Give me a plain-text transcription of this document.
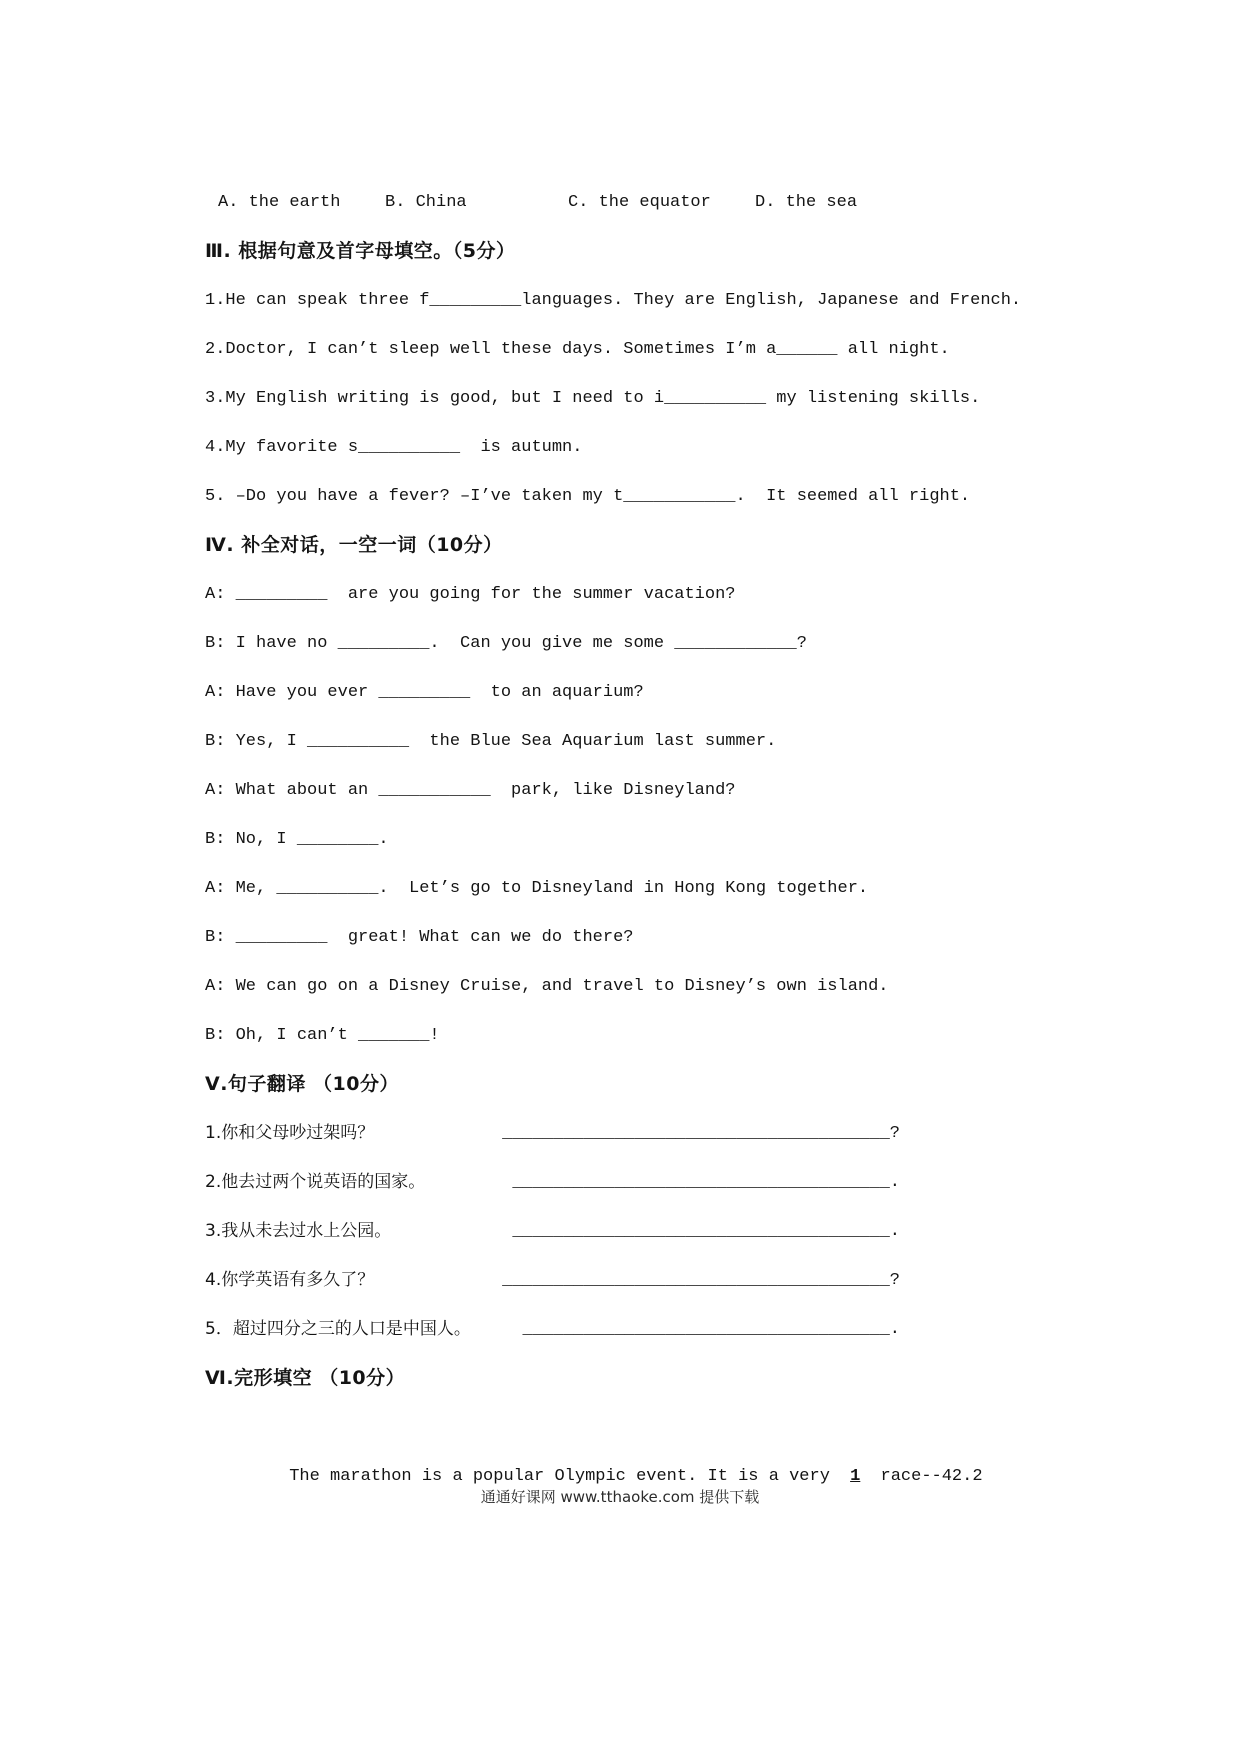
A. the earth	B. China	C. the equator	D. the sea
Ⅲ. 根据句意及首字母填空。（5分）
1.He can speak three f_________languages. They are English, Japanese and French.
2.Doctor, I can’t sleep well these days. Sometimes I’m a______ all night.
3.My English writing is good, but I need to i__________ my listening skills.
4.My favorite s__________  is autumn.
5. –Do you have a fever? –I’ve taken my t___________.  It seemed all right.
Ⅳ. 补全对话，一空一词（10分）
A: _________  are you going for the summer vacation?
B: I have no _________.  Can you give me some ____________?
A: Have you ever _________  to an aquarium?
B: Yes, I __________  the Blue Sea Aquarium last summer.
A: What about an ___________  park, like Disneyland?
B: No, I ________.
A: Me, __________.  Let’s go to Disneyland in Hong Kong together.
B: _________  great! What can we do there?
A: We can go on a Disney Cruise, and travel to Disney’s own island.
B: Oh, I can’t _______!
Ⅴ.句子翻译 （10分）
1.你和父母吵过架吗？	______________________________________?
2.他去过两个说英语的国家。	_____________________________________.
3.我从未去过水上公园。	_____________________________________.
4.你学英语有多久了？	______________________________________?
5．超过四分之三的人口是中国人。	____________________________________.
Ⅵ.完形填空 （10分）

The marathon is a popular Olympic event. It is a very 1 race--42.2

通通好课网 www.tthaoke.com 提供下载
